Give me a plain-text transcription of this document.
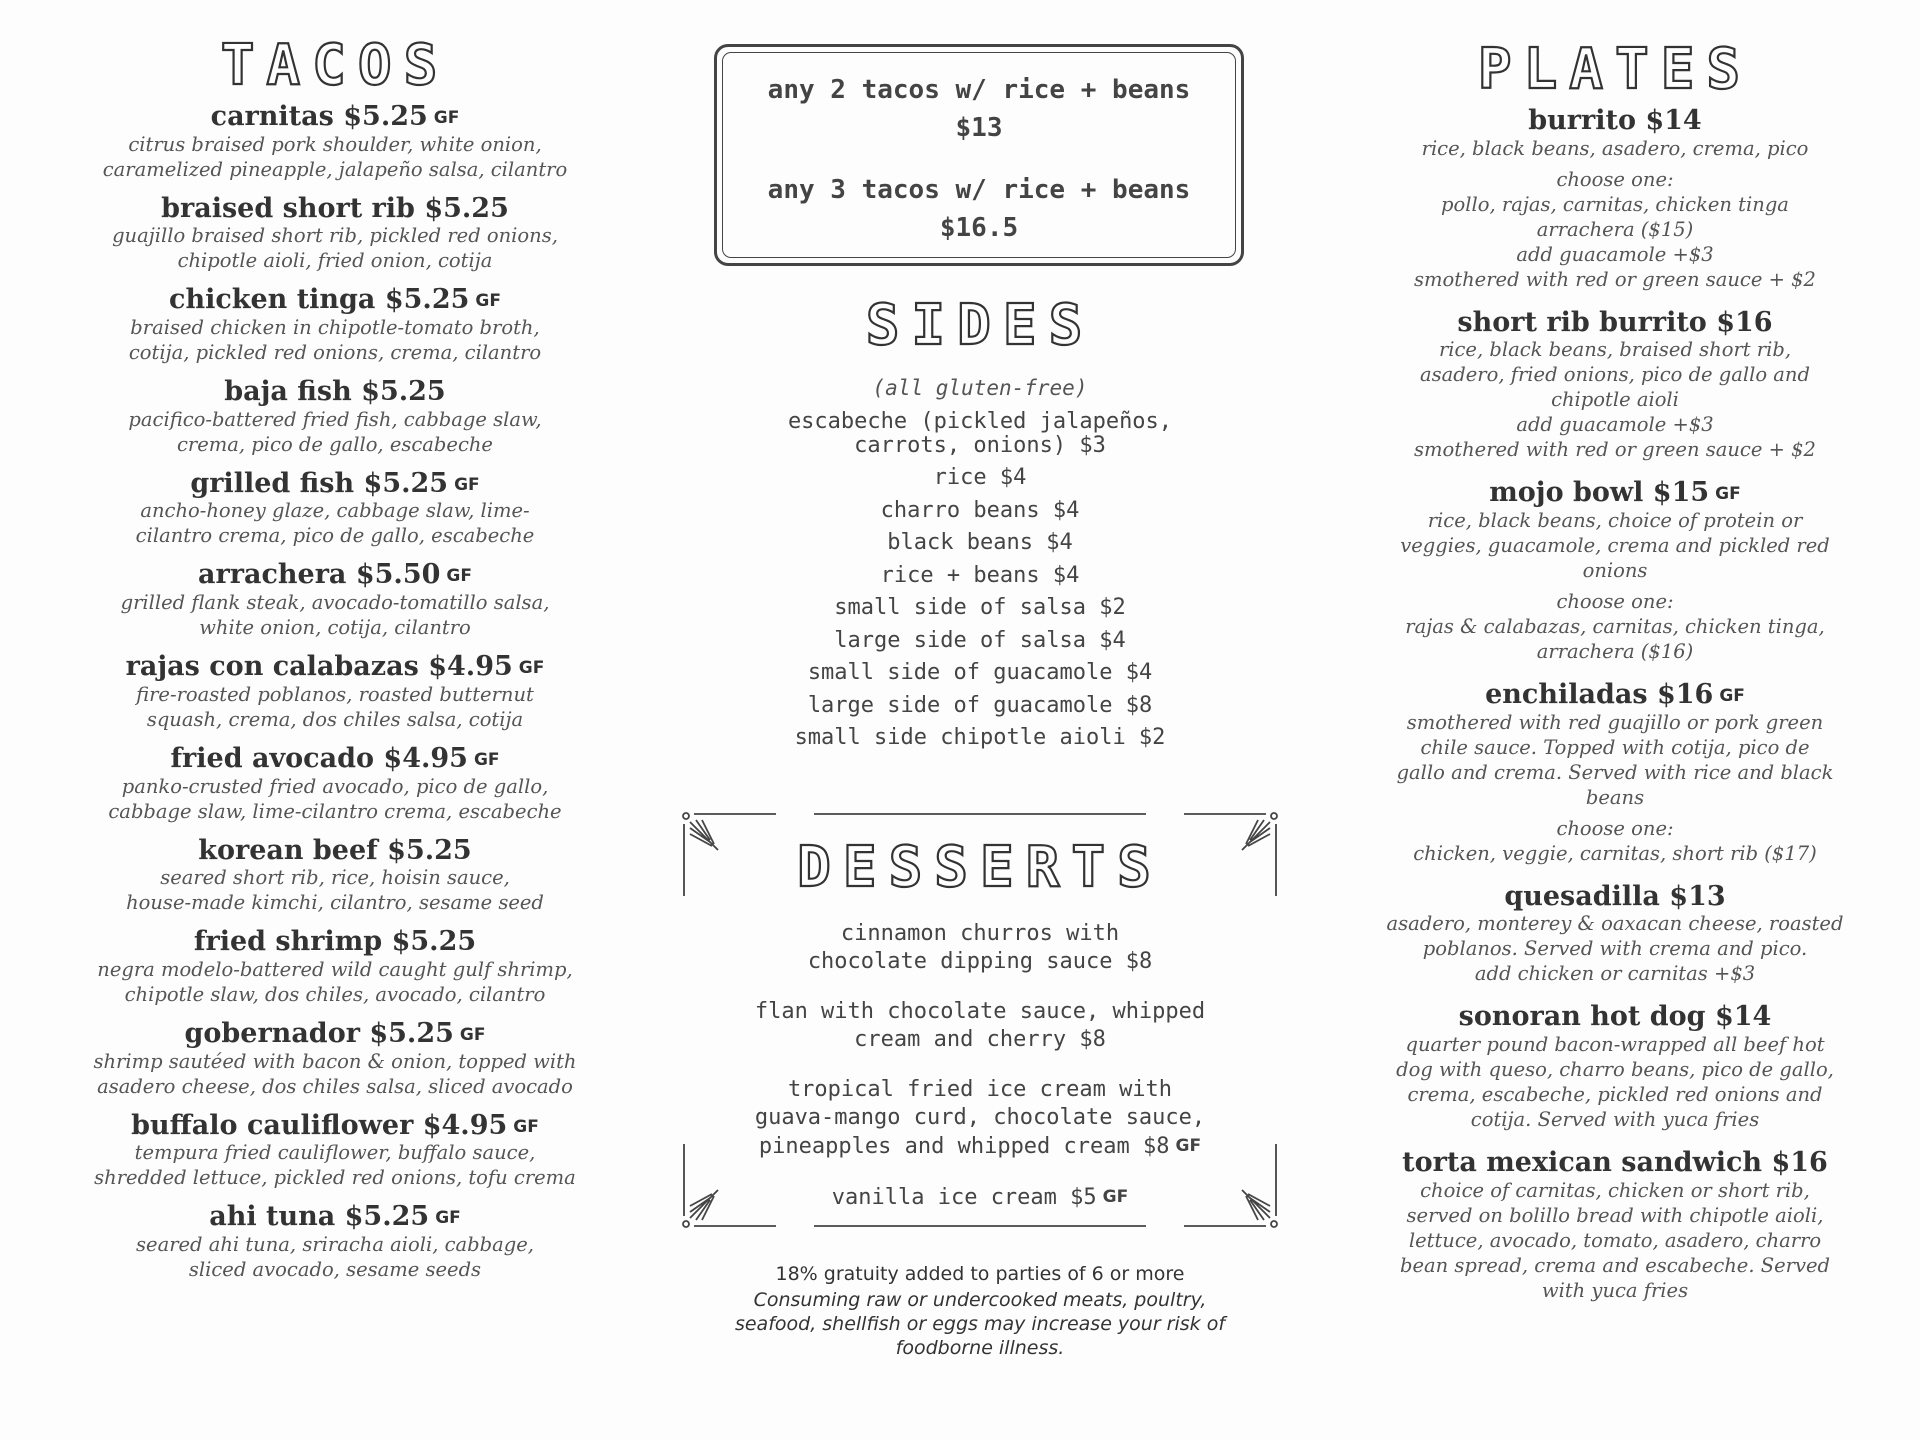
TACOS
carnitas $5.25 GF
citrus braised pork shoulder, white onion,
caramelized pineapple, jalapeño salsa, cilantro
braised short rib $5.25
guajillo braised short rib, pickled red onions,
chipotle aioli, fried onion, cotija
chicken tinga $5.25 GF
braised chicken in chipotle-tomato broth,
cotija, pickled red onions, crema, cilantro
baja fish $5.25
pacifico-battered fried fish, cabbage slaw,
crema, pico de gallo, escabeche
grilled fish $5.25 GF
ancho-honey glaze, cabbage slaw, lime-
cilantro crema, pico de gallo, escabeche
arrachera $5.50 GF
grilled flank steak, avocado-tomatillo salsa,
white onion, cotija, cilantro
rajas con calabazas $4.95 GF
fire-roasted poblanos, roasted butternut
squash, crema, dos chiles salsa, cotija
fried avocado $4.95 GF
panko-crusted fried avocado, pico de gallo,
cabbage slaw, lime-cilantro crema, escabeche
korean beef $5.25
seared short rib, rice, hoisin sauce,
house-made kimchi, cilantro, sesame seed
fried shrimp $5.25
negra modelo-battered wild caught gulf shrimp,
chipotle slaw, dos chiles, avocado, cilantro
gobernador $5.25 GF
shrimp sautéed with bacon & onion, topped with
asadero cheese, dos chiles salsa, sliced avocado
buffalo cauliflower $4.95 GF
tempura fried cauliflower, buffalo sauce,
shredded lettuce, pickled red onions, tofu crema
ahi tuna $5.25 GF
seared ahi tuna, sriracha aioli, cabbage,
sliced avocado, sesame seeds
any 2 tacos w/ rice + beans
$13
any 3 tacos w/ rice + beans
$16.5
SIDES
(all gluten-free)
escabeche (pickled jalapeños,
carrots, onions) $3
rice $4
charro beans $4
black beans $4
rice + beans $4
small side of salsa $2
large side of salsa $4
small side of guacamole $4
large side of guacamole $8
small side chipotle aioli $2
DESSERTS
cinnamon churros with
chocolate dipping sauce $8
flan with chocolate sauce, whipped
cream and cherry $8
tropical fried ice cream with
guava-mango curd, chocolate sauce,
pineapples and whipped cream $8 GF
vanilla ice cream $5 GF
18% gratuity added to parties of 6 or more
Consuming raw or undercooked meats, poultry,
seafood, shellfish or eggs may increase your risk of
foodborne illness.
PLATES
burrito $14
rice, black beans, asadero, crema, pico
choose one:
pollo, rajas, carnitas, chicken tinga
arrachera ($15)
add guacamole +$3
smothered with red or green sauce + $2
short rib burrito $16
rice, black beans, braised short rib,
asadero, fried onions, pico de gallo and
chipotle aioli
add guacamole +$3
smothered with red or green sauce + $2
mojo bowl $15 GF
rice, black beans, choice of protein or
veggies, guacamole, crema and pickled red
onions
choose one:
rajas & calabazas, carnitas, chicken tinga,
arrachera ($16)
enchiladas $16 GF
smothered with red guajillo or pork green
chile sauce. Topped with cotija, pico de
gallo and crema. Served with rice and black
beans
choose one:
chicken, veggie, carnitas, short rib ($17)
quesadilla $13
asadero, monterey & oaxacan cheese, roasted
poblanos. Served with crema and pico.
add chicken or carnitas +$3
sonoran hot dog $14
quarter pound bacon-wrapped all beef hot
dog with queso, charro beans, pico de gallo,
crema, escabeche, pickled red onions and
cotija. Served with yuca fries
torta mexican sandwich $16
choice of carnitas, chicken or short rib,
served on bolillo bread with chipotle aioli,
lettuce, avocado, tomato, asadero, charro
bean spread, crema and escabeche. Served
with yuca fries
